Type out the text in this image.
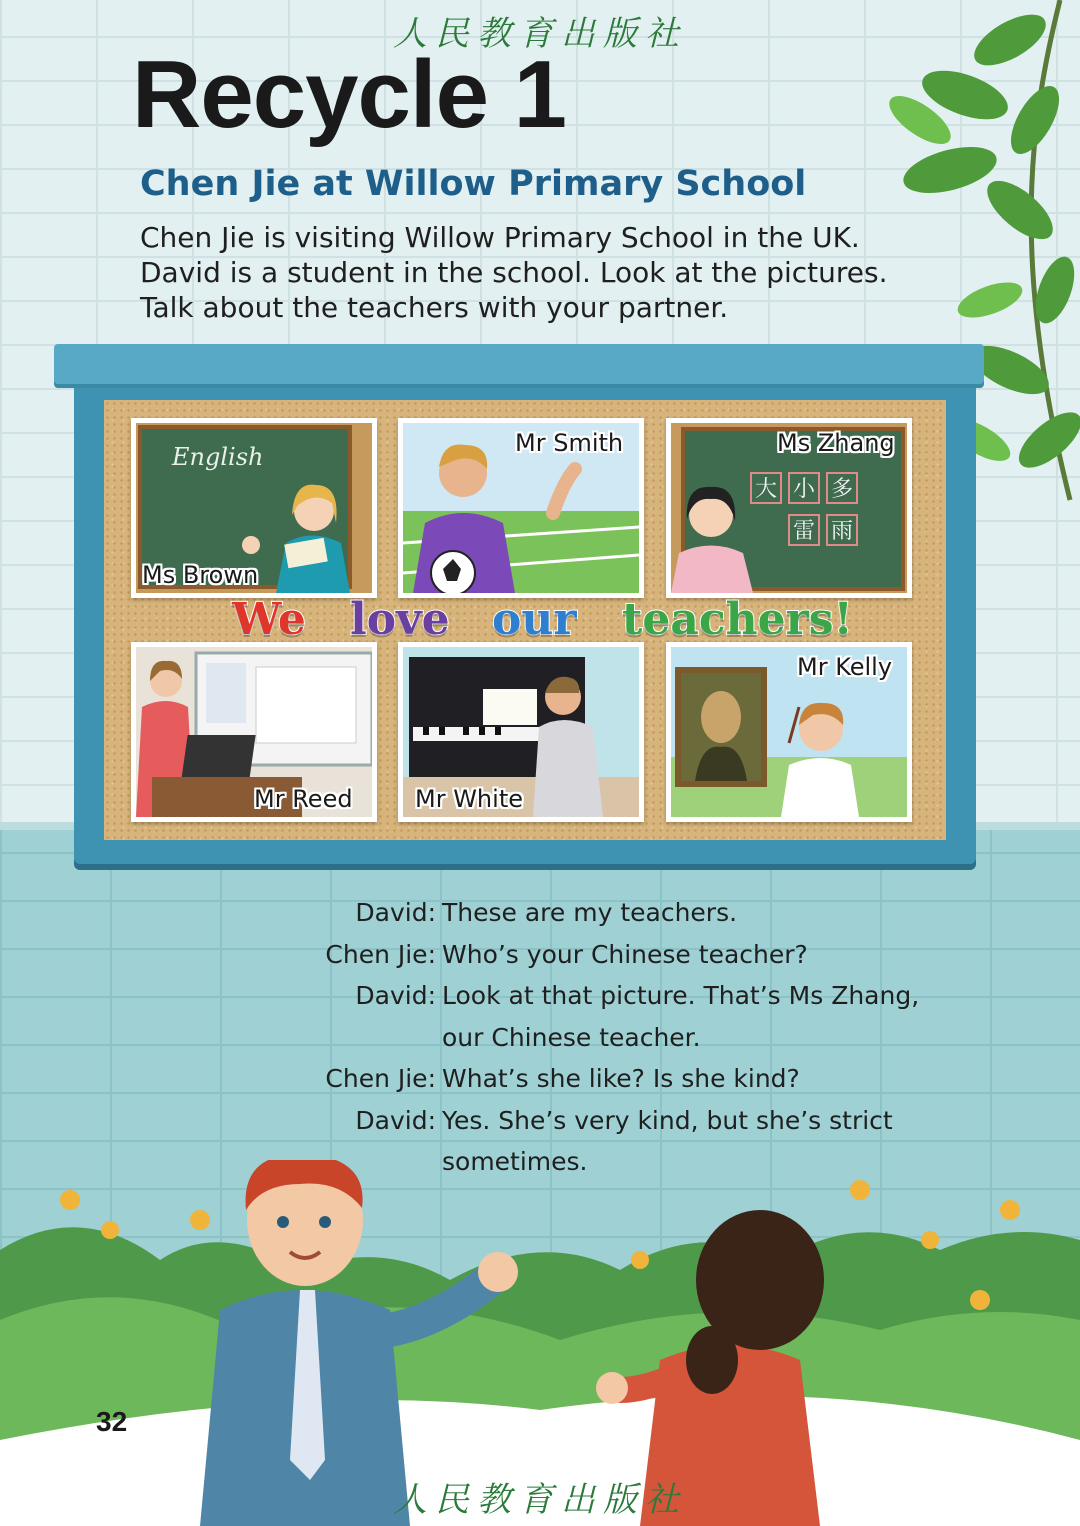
人民教育出版社
Recycle 1
Chen Jie at Willow Primary School
Chen Jie is visiting Willow Primary School in the UK.
David is a student in the school. Look at the pictures.
Talk about the teachers with your partner.
English
Ms Brown
Mr Smith
大 小 多
雷 雨
Ms Zhang
Mr Reed	Mr White
Mr Kelly
We love our teachers!
David: These are my teachers.
Chen Jie: Who’s your Chinese teacher?
David: Look at that picture. That’s Ms Zhang,
our Chinese teacher.
Chen Jie: What’s she like? Is she kind?
David: Yes. She’s very kind, but she’s strict
sometimes.
32
人民教育出版社
